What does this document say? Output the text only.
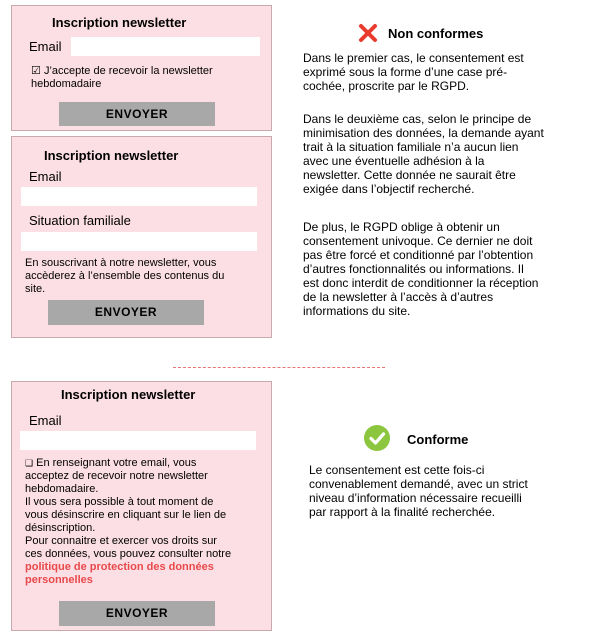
Inscription newsletter
Email
☑ J’accepte de recevoir la newsletter
hebdomadaire
ENVOYER
Inscription newsletter
Email
Situation familiale
En souscrivant à notre newsletter, vous
accèderez à l’ensemble des contenus du
site.
ENVOYER
Inscription newsletter
Email
❑ En renseignant votre email, vous
acceptez de recevoir notre newsletter
hebdomadaire.
Il vous sera possible à tout moment de
vous désinscrire en cliquant sur le lien de
désinscription.
Pour connaitre et exercer vos droits sur
ces données, vous pouvez consulter notre
politique de protection des données
personnelles
ENVOYER
Non conformes
Dans le premier cas, le consentement est
exprimé sous la forme d’une case pré-
cochée, proscrite par le RGPD.
Dans le deuxième cas, selon le principe de
minimisation des données, la demande ayant
trait à la situation familiale n’a aucun lien
avec une éventuelle adhésion à la
newsletter. Cette donnée ne saurait être
exigée dans l’objectif recherché.
De plus, le RGPD oblige à obtenir un
consentement univoque. Ce dernier ne doit
pas être forcé et conditionné par l’obtention
d’autres fonctionnalités ou informations. Il
est donc interdit de conditionner la réception
de la newsletter à l’accès à d’autres
informations du site.
Conforme
Le consentement est cette fois-ci
convenablement demandé, avec un strict
niveau d’information nécessaire recueilli
par rapport à la finalité recherchée.
